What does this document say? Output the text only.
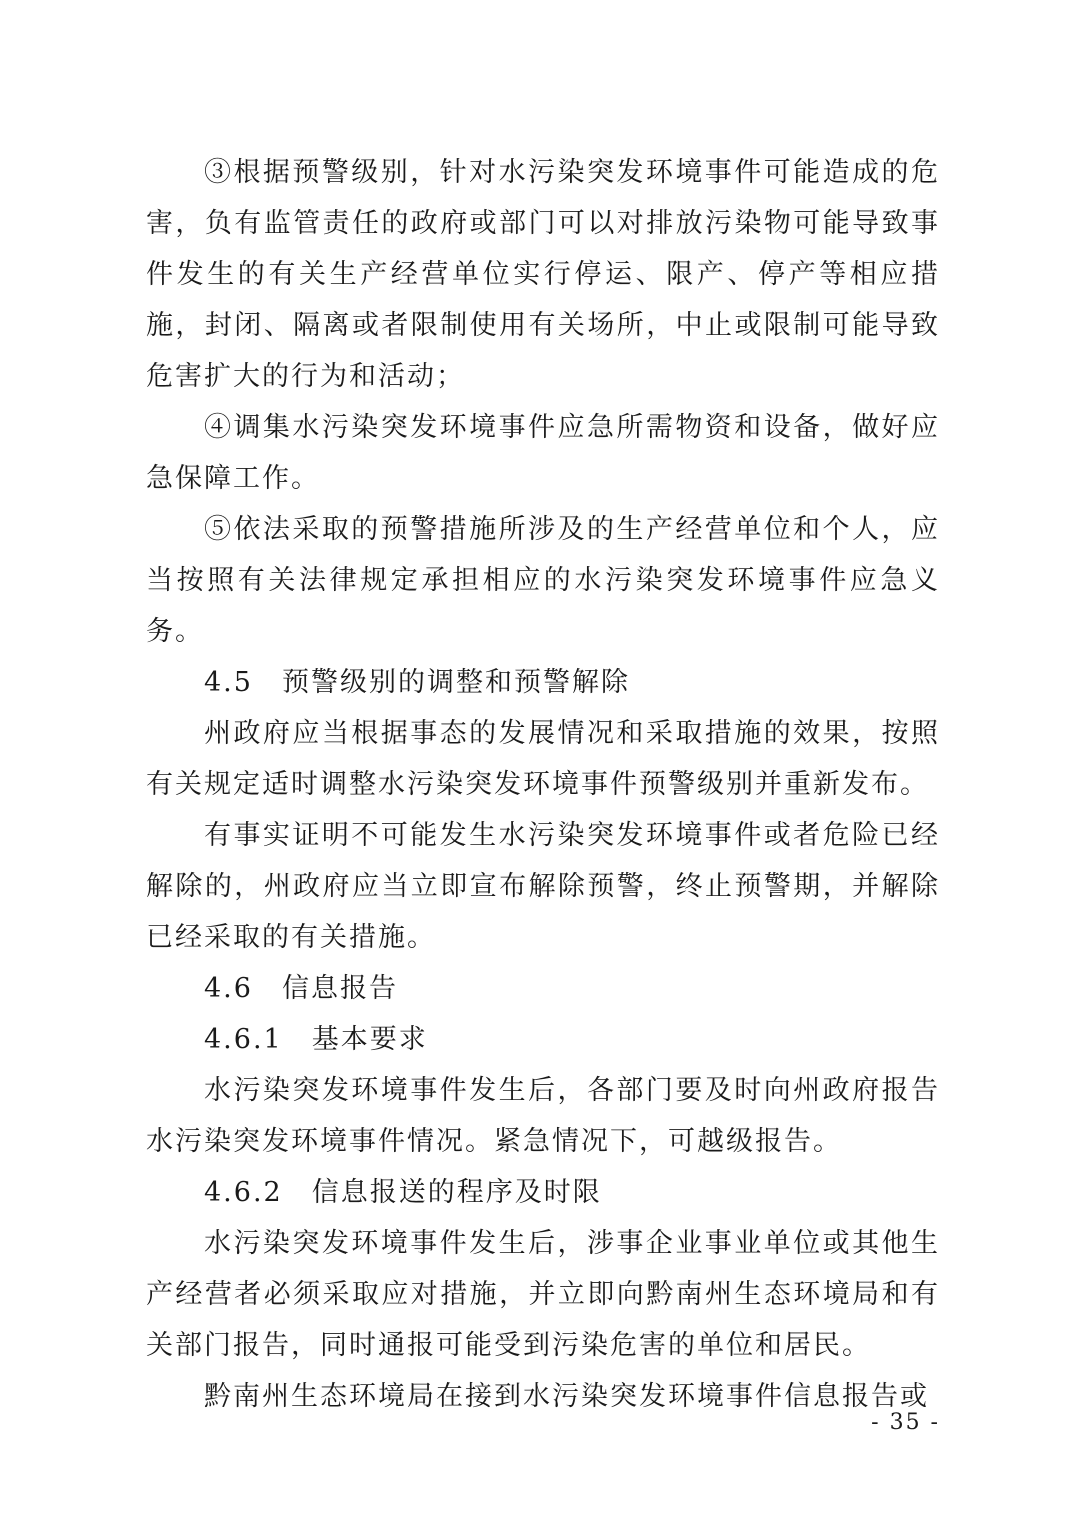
③根据预警级别，针对水污染突发环境事件可能造成的危害，负有监管责任的政府或部门可以对排放污染物可能导致事件发生的有关生产经营单位实行停运、限产、停产等相应措施，封闭、隔离或者限制使用有关场所，中止或限制可能导致危害扩大的行为和活动；

④调集水污染突发环境事件应急所需物资和设备，做好应急保障工作。

⑤依法采取的预警措施所涉及的生产经营单位和个人，应当按照有关法律规定承担相应的水污染突发环境事件应急义务。

4.5　预警级别的调整和预警解除

州政府应当根据事态的发展情况和采取措施的效果，按照有关规定适时调整水污染突发环境事件预警级别并重新发布。

有事实证明不可能发生水污染突发环境事件或者危险已经解除的，州政府应当立即宣布解除预警，终止预警期，并解除已经采取的有关措施。

4.6　信息报告

4.6.1　基本要求

水污染突发环境事件发生后，各部门要及时向州政府报告水污染突发环境事件情况。紧急情况下，可越级报告。

4.6.2　信息报送的程序及时限

水污染突发环境事件发生后，涉事企业事业单位或其他生产经营者必须采取应对措施，并立即向黔南州生态环境局和有关部门报告，同时通报可能受到污染危害的单位和居民。

黔南州生态环境局在接到水污染突发环境事件信息报告或

- 35 -
